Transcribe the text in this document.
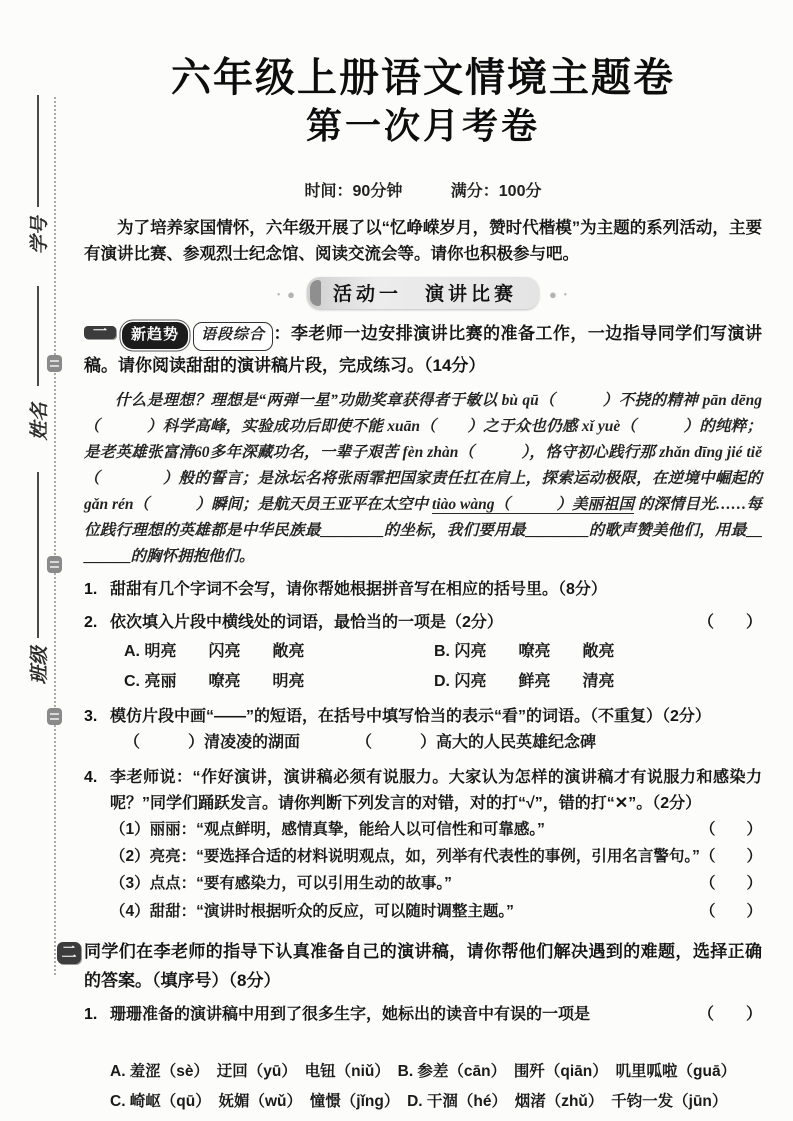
学号
姓名
班级
六年级上册语文情境主题卷
第一次月考卷
时间：90分钟	满分：100分
为了培养家国情怀，六年级开展了以“忆峥嵘岁月，赞时代楷模”为主题的系列活动，主要有演讲比赛、参观烈士纪念馆、阅读交流会等。请你也积极参与吧。
・●	活动一　演讲比赛	●・
一 新趋势 语段综合 ：李老师一边安排演讲比赛的准备工作，一边指导同学们写演讲稿。请你阅读甜甜的演讲稿片段，完成练习。（14分）
什么是理想？理想是“两弹一星”功勋奖章获得者于敏以 bù qū（　　　）不挠的精神 pān dēng（　　　）科学高峰，实验成功后即使不能 xuān（　　）之于众也仍感 xǐ yuè（　　　）的纯粹；是老英雄张富清60多年深藏功名，一辈子艰苦 fèn zhàn（　　　），恪守初心践行那 zhǎn dīng jié tiě（　　　　）般的誓言；是泳坛名将张雨霏把国家责任扛在肩上，探索运动极限，在逆境中崛起的 gǎn rén（　　　）瞬间；是航天员王亚平在太空中 tiào wàng（　　　）美丽祖国 的深情目光……每位践行理想的英雄都是中华民族最＿＿＿＿的坐标，我们要用最＿＿＿＿的歌声赞美他们，用最＿＿＿＿的胸怀拥抱他们。
1. 甜甜有几个字词不会写，请你帮她根据拼音写在相应的括号里。（8分）
2. 依次填入片段中横线处的词语，最恰当的一项是（2分）	（　　）
A. 明亮　　闪亮　　敞亮	B. 闪亮　　嘹亮　　敞亮
C. 亮丽　　嘹亮　　明亮	D. 闪亮　　鲜亮　　清亮
3. 模仿片段中画“——”的短语，在括号中填写恰当的表示“看”的词语。（不重复）（2分）
（　　　）清凌凌的湖面	（　　　）高大的人民英雄纪念碑
4. 李老师说：“作好演讲，演讲稿必须有说服力。大家认为怎样的演讲稿才有说服力和感染力呢？”同学们踊跃发言。请你判断下列发言的对错，对的打“√”，错的打“✕”。（2分）
（1）丽丽：“观点鲜明，感情真挚，能给人以可信性和可靠感。”	（　　）
（2）亮亮：“要选择合适的材料说明观点，如，列举有代表性的事例，引用名言警句。” （　　）
（3）点点：“要有感染力，可以引用生动的故事。”	（　　）
（4）甜甜：“演讲时根据听众的反应，可以随时调整主题。”	（　　）
二 同学们在李老师的指导下认真准备自己的演讲稿，请你帮他们解决遇到的难题，选择正确的答案。（填序号）（8分）
1. 珊珊准备的演讲稿中用到了很多生字，她标出的读音中有误的一项是	（　　）
A. 羞涩（sè）　迂回（yū）　电钮（niǔ）　B. 参差（cān）　围歼（qiān）　叽里呱啦（guā）
C. 崎岖（qū）　妩媚（wǔ）　憧憬（jǐng）　D. 干涸（hé）　烟渚（zhǔ）　千钧一发（jūn）
